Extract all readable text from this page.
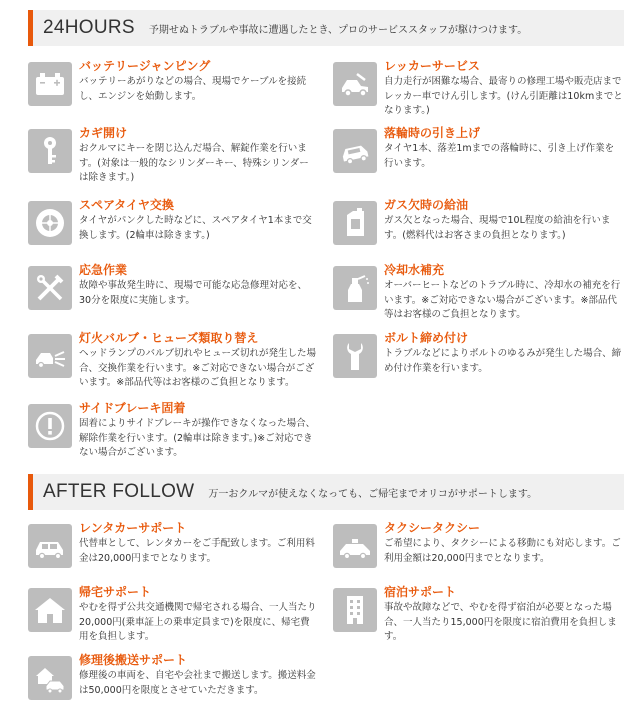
24HOURS 予期せぬトラブルや事故に遭遇したとき、プロのサービススタッフが駆けつけます。
バッテリージャンピング
バッテリーあがりなどの場合、現場でケーブルを接続し、エンジンを始動します。
レッカーサービス
自力走行が困難な場合、最寄りの修理工場や販売店までレッカー車でけん引します。(けん引距離は10kmまでとなります。)
カギ開け
おクルマにキーを閉じ込んだ場合、解錠作業を行います。(対象は一般的なシリンダーキー、特殊シリンダーは除きます。)
落輪時の引き上げ
タイヤ1本、落差1mまでの落輪時に、引き上げ作業を行います。
スペアタイヤ交換
タイヤがパンクした時などに、スペアタイヤ1本まで交換します。(2輪車は除きます。)
ガス欠時の給油
ガス欠となった場合、現場で10L程度の給油を行います。(燃料代はお客さまの負担となります。)
応急作業
故障や事故発生時に、現場で可能な応急修理対応を、30分を限度に実施します。
冷却水補充
オーバーヒートなどのトラブル時に、冷却水の補充を行います。※ご対応できない場合がございます。※部品代等はお客様のご負担となります。
灯火バルブ・ヒューズ類取り替え
ヘッドランプのバルブ切れやヒューズ切れが発生した場合、交換作業を行います。※ご対応できない場合がございます。※部品代等はお客様のご負担となります。
ボルト締め付け
トラブルなどによりボルトのゆるみが発生した場合、締め付け作業を行います。
サイドブレーキ固着
固着によりサイドブレーキが操作できなくなった場合、解除作業を行います。(2輪車は除きます。)※ご対応できない場合がございます。
AFTER FOLLOW 万一おクルマが使えなくなっても、ご帰宅までオリコがサポートします。
レンタカーサポート
代替車として、レンタカーをご手配致します。ご利用料金は20,000円までとなります。
タクシータクシー
ご希望により、タクシーによる移動にも対応します。ご利用金額は20,000円までとなります。
帰宅サポート
やむを得ず公共交通機関で帰宅される場合、一人当たり20,000円(乗車証上の乗車定員まで)を限度に、帰宅費用を負担します。
宿泊サポート
事故や故障などで、やむを得ず宿泊が必要となった場合、一人当たり15,000円を限度に宿泊費用を負担します。
修理後搬送サポート
修理後の車両を、自宅や会社まで搬送します。搬送料金は50,000円を限度とさせていただきます。
